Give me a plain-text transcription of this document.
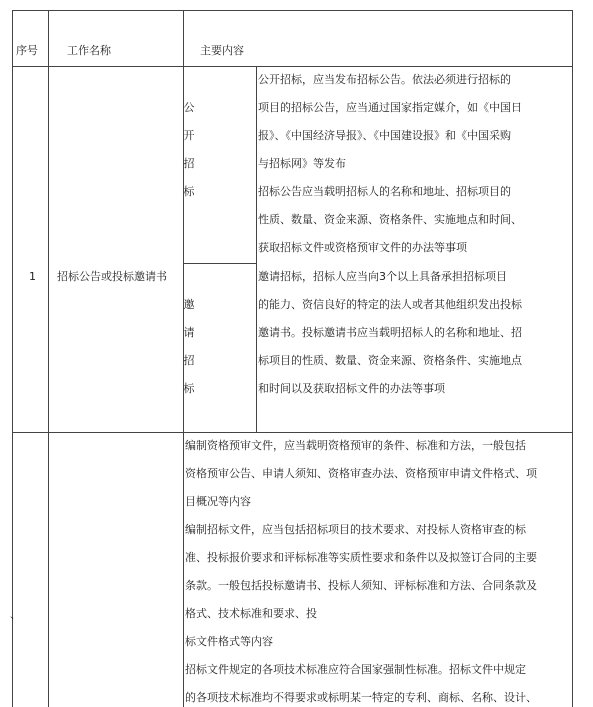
序号	工作名称	主要内容
1 招标公告或投标邀请书
公
开
招
标
公开招标，应当发布招标公告。依法必须进行招标的
项目的招标公告，应当通过国家指定媒介，如《中国日
报》、《中国经济导报》、《中国建设报》和《中国采购
与招标网》等发布
招标公告应当载明招标人的名称和地址、招标项目的
性质、数量、资金来源、资格条件、实施地点和时间、
获取招标文件或资格预审文件的办法等事项
邀
请
招
标
邀请招标，招标人应当向3个以上具备承担招标项目
的能力、资信良好的特定的法人或者其他组织发出投标
邀请书。投标邀请书应当载明招标人的名称和地址、招
标项目的性质、数量、资金来源、资格条件、实施地点
和时间以及获取招标文件的办法等事项
、
编制资格预审文件，应当载明资格预审的条件、标准和方法，一般包括
资格预审公告、申请人须知、资格审查办法、资格预审申请文件格式、项
目概况等内容
编制招标文件，应当包括招标项目的技术要求、对投标人资格审查的标
准、投标报价要求和评标标准等实质性要求和条件以及拟签订合同的主要
条款。一般包括投标邀请书、投标人须知、评标标准和方法、合同条款及
格式、技术标准和要求、投
标文件格式等内容
招标文件规定的各项技术标准应符合国家强制性标准。招标文件中规定
的各项技术标准均不得要求或标明某一特定的专利、商标、名称、设计、
